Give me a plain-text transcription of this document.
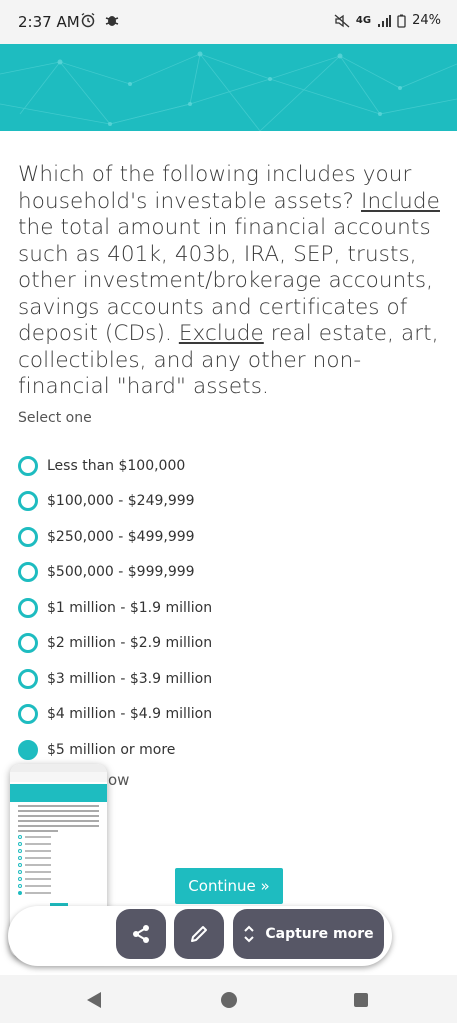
2:37 AM	4G	24%
Which of the following includes your household's investable assets? Include the total amount in financial accounts such as 401k, 403b, IRA, SEP, trusts, other investment/brokerage accounts, savings accounts and certificates of deposit (CDs). Exclude real estate, art, collectibles, and any other non-financial "hard" assets.
Select one
Less than $100,000
$100,000 - $249,999
$250,000 - $499,999
$500,000 - $999,999
$1 million - $1.9 million
$2 million - $2.9 million
$3 million - $3.9 million
$4 million - $4.9 million
$5 million or more
ow
Continue »
Capture more
